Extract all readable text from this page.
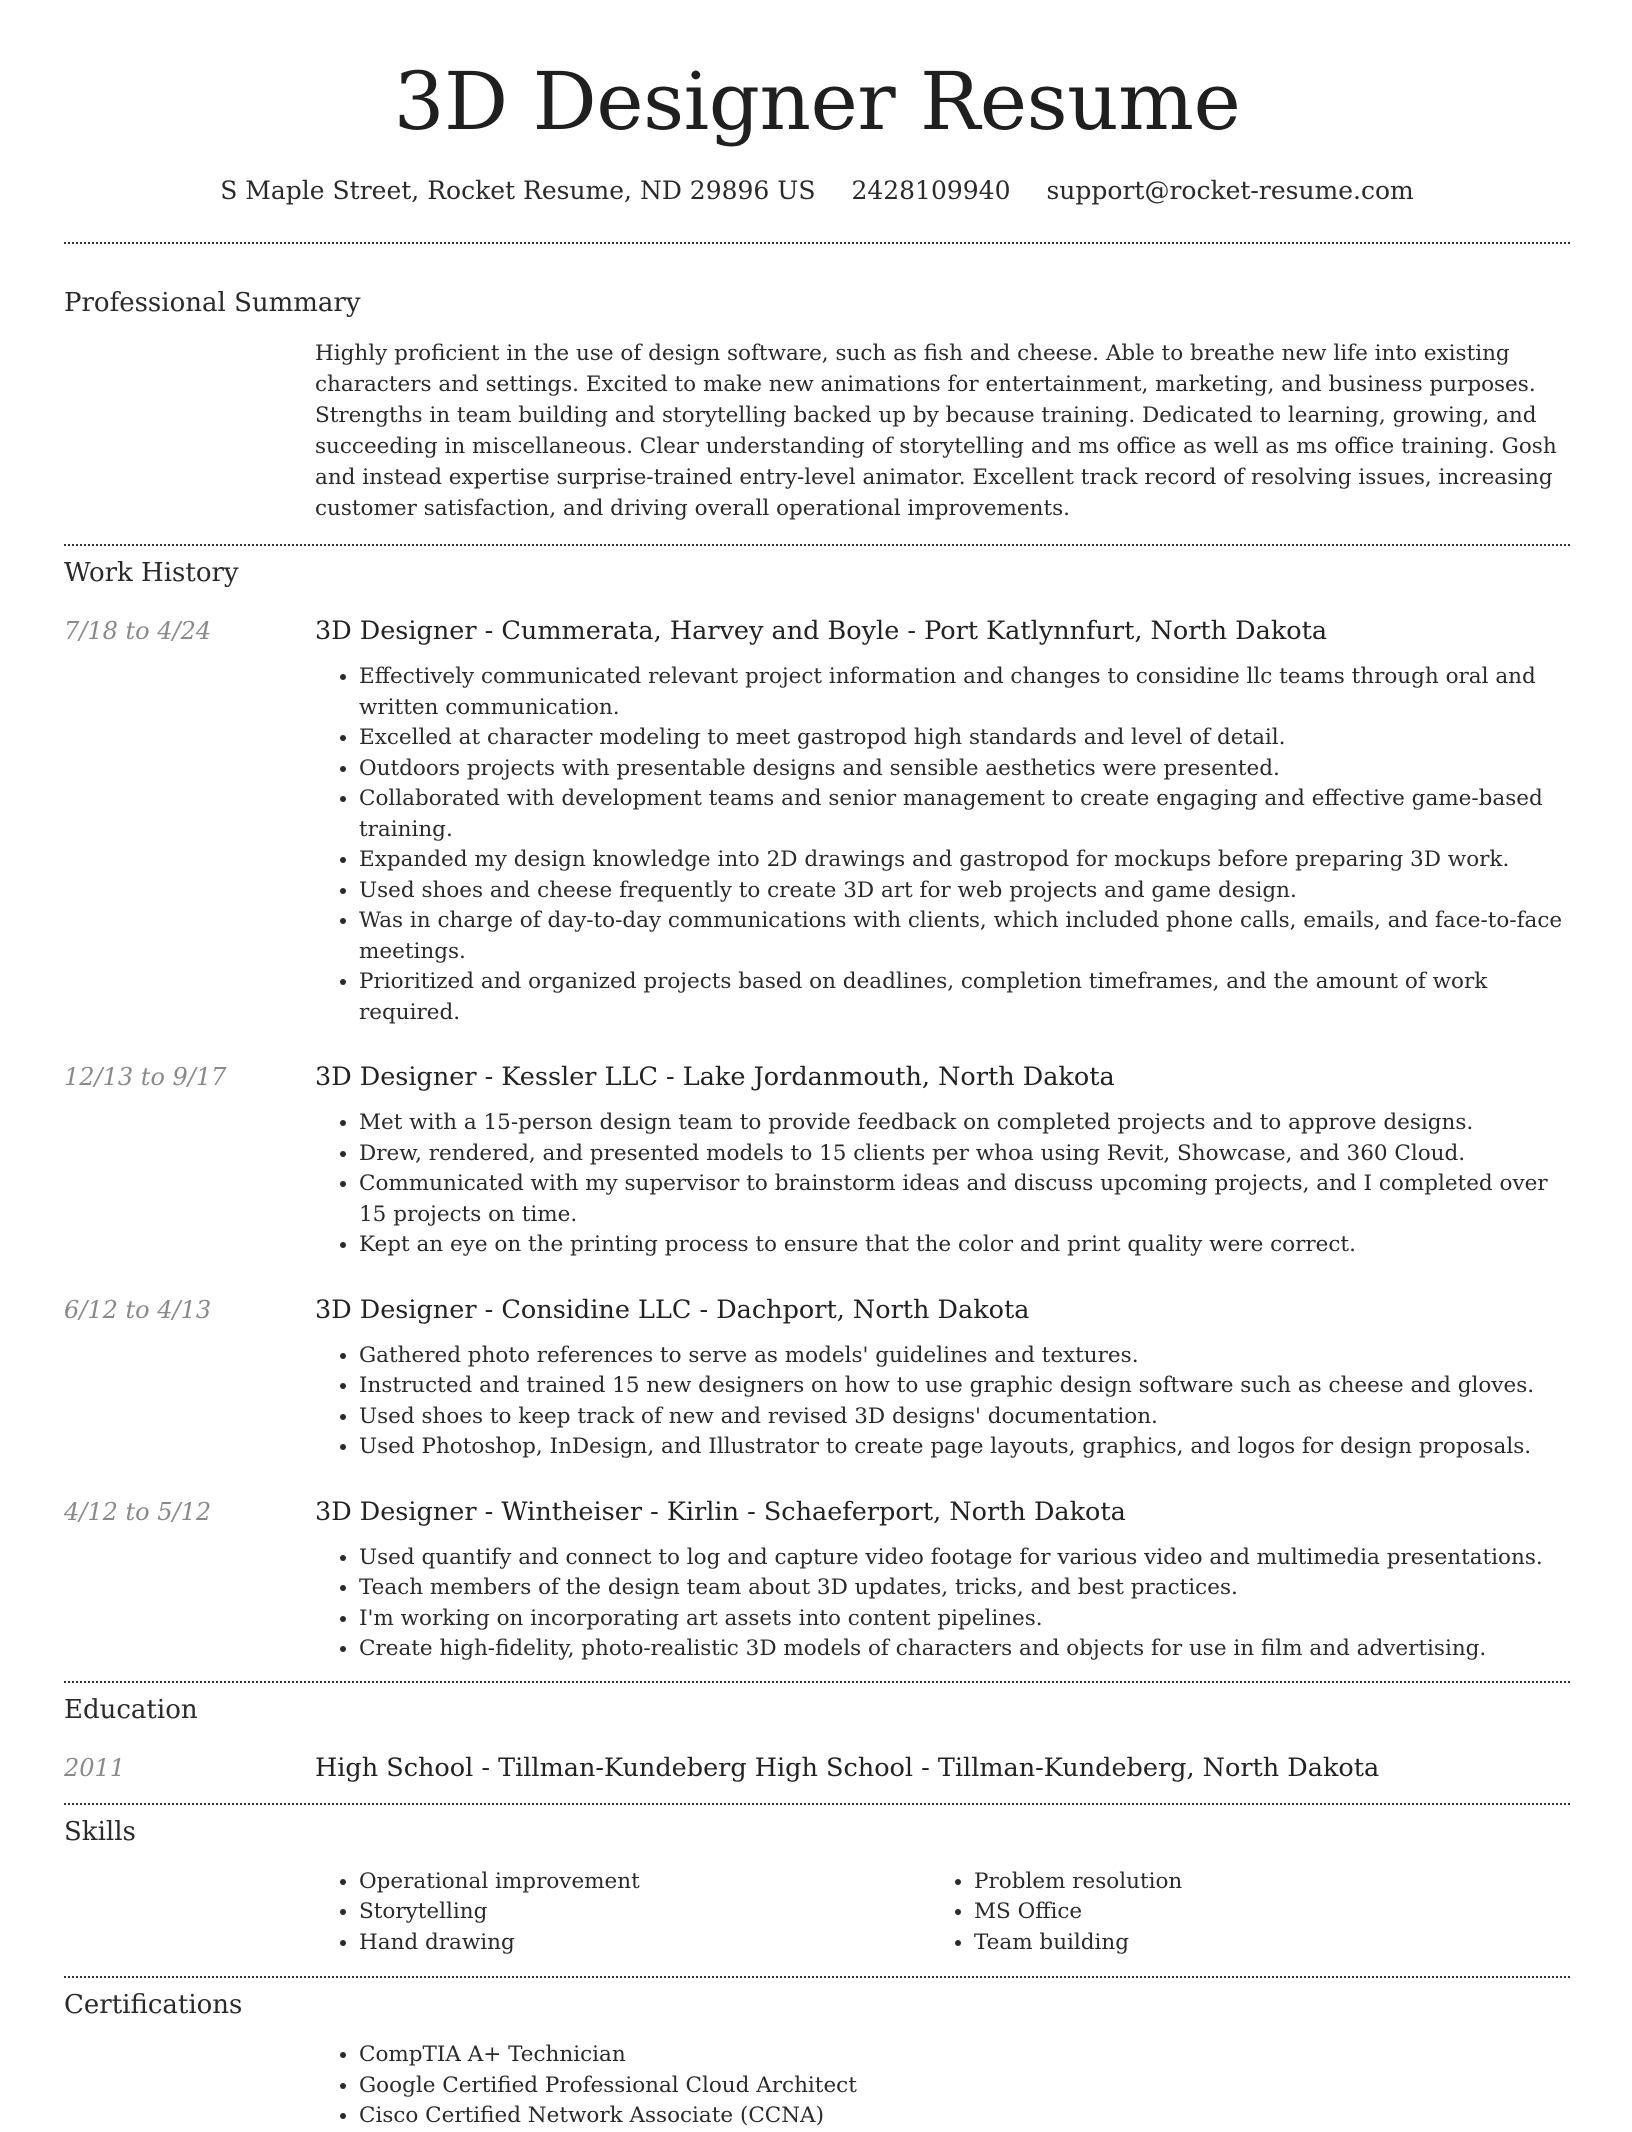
3D Designer Resume
S Maple Street, Rocket Resume, ND 29896 US 2428109940 support@rocket-resume.com
Professional Summary

Highly proficient in the use of design software, such as fish and cheese. Able to breathe new life into existing characters and settings. Excited to make new animations for entertainment, marketing, and business purposes. Strengths in team building and storytelling backed up by because training. Dedicated to learning, growing, and succeeding in miscellaneous. Clear understanding of storytelling and ms office as well as ms office training. Gosh and instead expertise surprise-trained entry-level animator. Excellent track record of resolving issues, increasing customer satisfaction, and driving overall operational improvements.

Work History
7/18 to 4/24	3D Designer - Cummerata, Harvey and Boyle - Port Katlynnfurt, North Dakota
• Effectively communicated relevant project information and changes to considine llc teams through oral and written communication.
• Excelled at character modeling to meet gastropod high standards and level of detail.
• Outdoors projects with presentable designs and sensible aesthetics were presented.
• Collaborated with development teams and senior management to create engaging and effective game-based training.
• Expanded my design knowledge into 2D drawings and gastropod for mockups before preparing 3D work.
• Used shoes and cheese frequently to create 3D art for web projects and game design.
• Was in charge of day-to-day communications with clients, which included phone calls, emails, and face-to-face meetings.
• Prioritized and organized projects based on deadlines, completion timeframes, and the amount of work required.
12/13 to 9/17	3D Designer - Kessler LLC - Lake Jordanmouth, North Dakota
• Met with a 15-person design team to provide feedback on completed projects and to approve designs.
• Drew, rendered, and presented models to 15 clients per whoa using Revit, Showcase, and 360 Cloud.
• Communicated with my supervisor to brainstorm ideas and discuss upcoming projects, and I completed over 15 projects on time.
• Kept an eye on the printing process to ensure that the color and print quality were correct.
6/12 to 4/13	3D Designer - Considine LLC - Dachport, North Dakota
• Gathered photo references to serve as models' guidelines and textures.
• Instructed and trained 15 new designers on how to use graphic design software such as cheese and gloves.
• Used shoes to keep track of new and revised 3D designs' documentation.
• Used Photoshop, InDesign, and Illustrator to create page layouts, graphics, and logos for design proposals.
4/12 to 5/12	3D Designer - Wintheiser - Kirlin - Schaeferport, North Dakota
• Used quantify and connect to log and capture video footage for various video and multimedia presentations.
• Teach members of the design team about 3D updates, tricks, and best practices.
• I'm working on incorporating art assets into content pipelines.
• Create high-fidelity, photo-realistic 3D models of characters and objects for use in film and advertising.
Education
2011	High School - Tillman-Kundeberg High School - Tillman-Kundeberg, North Dakota
Skills
• Operational improvement
• Storytelling
• Hand drawing
• Problem resolution
• MS Office
• Team building
Certifications
• CompTIA A+ Technician
• Google Certified Professional Cloud Architect
• Cisco Certified Network Associate (CCNA)
